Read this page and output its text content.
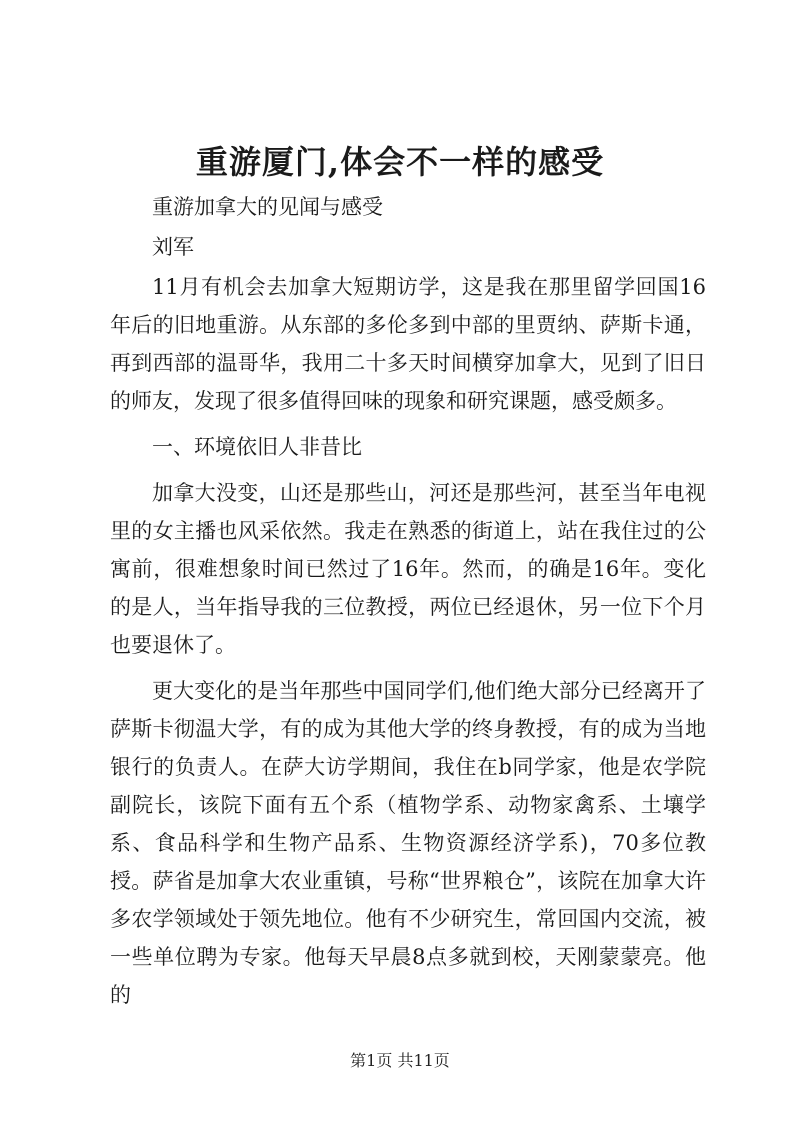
重游厦门,体会不一样的感受

重游加拿大的见闻与感受

刘军

11月有机会去加拿大短期访学，这是我在那里留学回国16年后的旧地重游。从东部的多伦多到中部的里贾纳、萨斯卡通，再到西部的温哥华，我用二十多天时间横穿加拿大，见到了旧日的师友，发现了很多值得回味的现象和研究课题，感受颇多。

一、环境依旧人非昔比

加拿大没变，山还是那些山，河还是那些河，甚至当年电视里的女主播也风采依然。我走在熟悉的街道上，站在我住过的公寓前，很难想象时间已然过了16年。然而，的确是16年。变化的是人，当年指导我的三位教授，两位已经退休，另一位下个月也要退休了。

更大变化的是当年那些中国同学们,他们绝大部分已经离开了萨斯卡彻温大学，有的成为其他大学的终身教授，有的成为当地银行的负责人。在萨大访学期间，我住在b同学家，他是农学院副院长，该院下面有五个系（植物学系、动物家禽系、土壤学系、食品科学和生物产品系、生物资源经济学系)，70多位教授。萨省是加拿大农业重镇，号称“世界粮仓”，该院在加拿大许多农学领域处于领先地位。他有不少研究生，常回国内交流，被一些单位聘为专家。他每天早晨8点多就到校，天刚蒙蒙亮。他的

第1页 共11页
